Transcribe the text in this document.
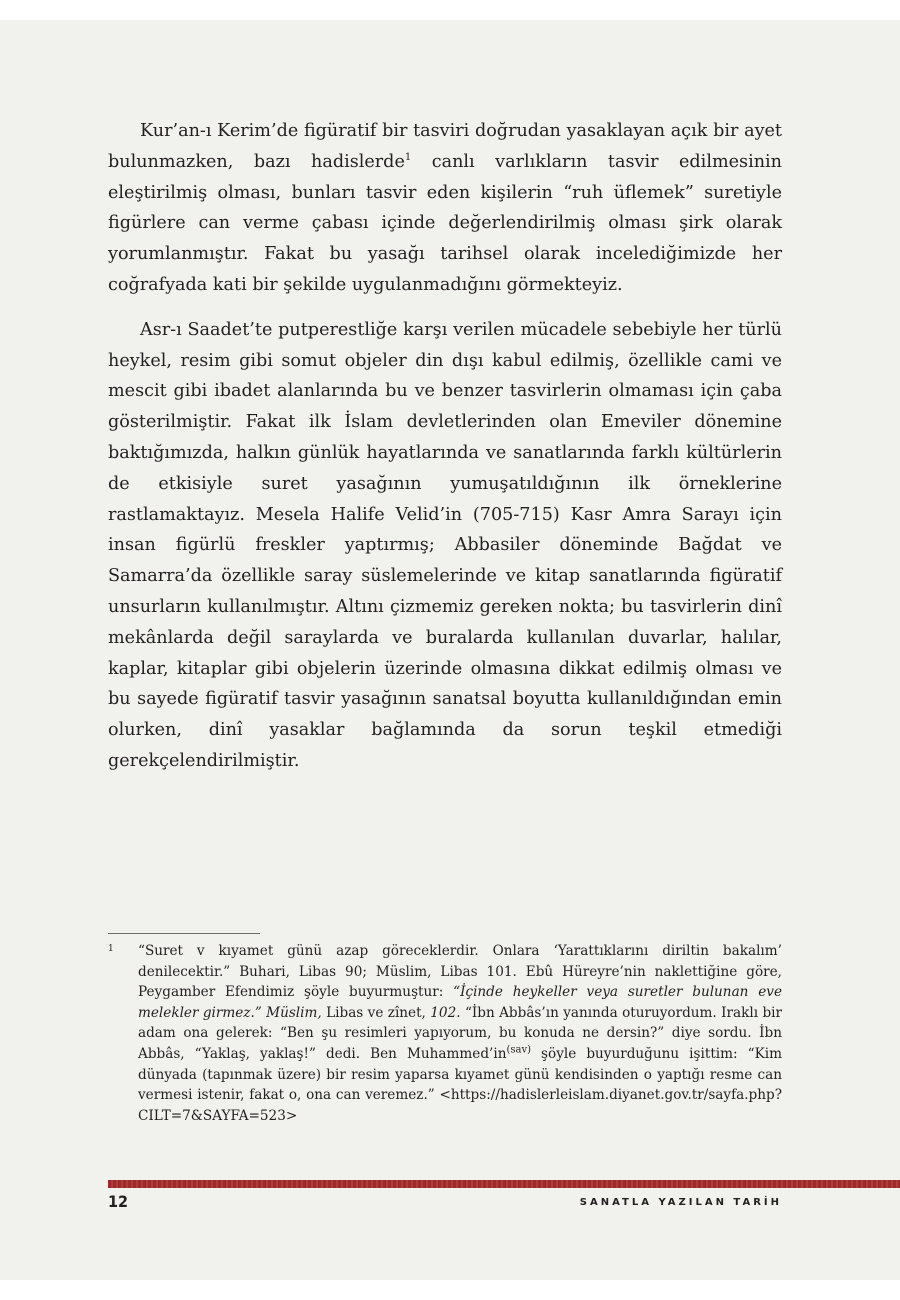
Kur’an-ı Kerim’de figüratif bir tasviri doğrudan yasaklayan açık bir ayet bulunmazken, bazı hadislerde$^1$ canlı varlıkların tasvir edilmesinin eleştirilmiş olması, bunları tasvir eden kişilerin “ruh üflemek” suretiyle figürlere can verme çabası içinde değerlendirilmiş olması şirk olarak yorumlanmıştır. Fakat bu yasağı tarihsel olarak incelediğimizde her coğrafyada kati bir şekilde uygulanmadığını görmekteyiz.

Asr-ı Saadet’te putperestliğe karşı verilen mücadele sebebiyle her türlü heykel, resim gibi somut objeler din dışı kabul edilmiş, özellikle cami ve mescit gibi ibadet alanlarında bu ve benzer tasvirlerin olmaması için çaba gösterilmiştir. Fakat ilk İslam devletlerinden olan Emeviler dönemine baktığımızda, halkın günlük hayatlarında ve sanatlarında farklı kültürlerin de etkisiyle suret yasağının yumuşatıldığının ilk örneklerine rastlamaktayız. Mesela Halife Velid’in (705-715) Kasr Amra Sarayı için insan figürlü freskler yaptırmış; Abbasiler döneminde Bağdat ve Samarra’da özellikle saray süslemelerinde ve kitap sanatlarında figüratif unsurların kullanılmıştır. Altını çizmemiz gereken nokta; bu tasvirlerin dinî mekânlarda değil saraylarda ve buralarda kullanılan duvarlar, halılar, kaplar, kitaplar gibi objelerin üzerinde olmasına dikkat edilmiş olması ve bu sayede figüratif tasvir yasağının sanatsal boyutta kullanıldığından emin olurken, dinî yasaklar bağlamında da sorun teşkil etmediği gerekçelendirilmiştir.

1 “Suret v kıyamet günü azap göreceklerdir. Onlara ‘Yarattıklarını diriltin bakalım’ denilecektir.” Buhari, Libas 90; Müslim, Libas 101. Ebû Hüreyre’nin naklettiğine göre, Peygamber Efendimiz şöyle buyurmuştur: “İçinde heykeller veya suretler bulunan eve melekler girmez.” Müslim, Libas ve zînet, 102. “İbn Abbâs’ın yanında oturuyordum. Iraklı bir adam ona gelerek: “Ben şu resimleri yapıyorum, bu konuda ne dersin?” diye sordu. İbn Abbâs, “Yaklaş, yaklaş!” dedi. Ben $Muhammed’in^{(sav)}$ şöyle buyurduğunu işittim: “Kim dünyada (tapınmak üzere) bir resim yaparsa kıyamet günü kendisinden o yaptığı resme can vermesi istenir, fakat o, ona can veremez.” <https://hadislerleislam.diyanet.gov.tr/sayfa.php?CILT=7&SAYFA=523>
12	SANATLA YAZILAN TARİH
